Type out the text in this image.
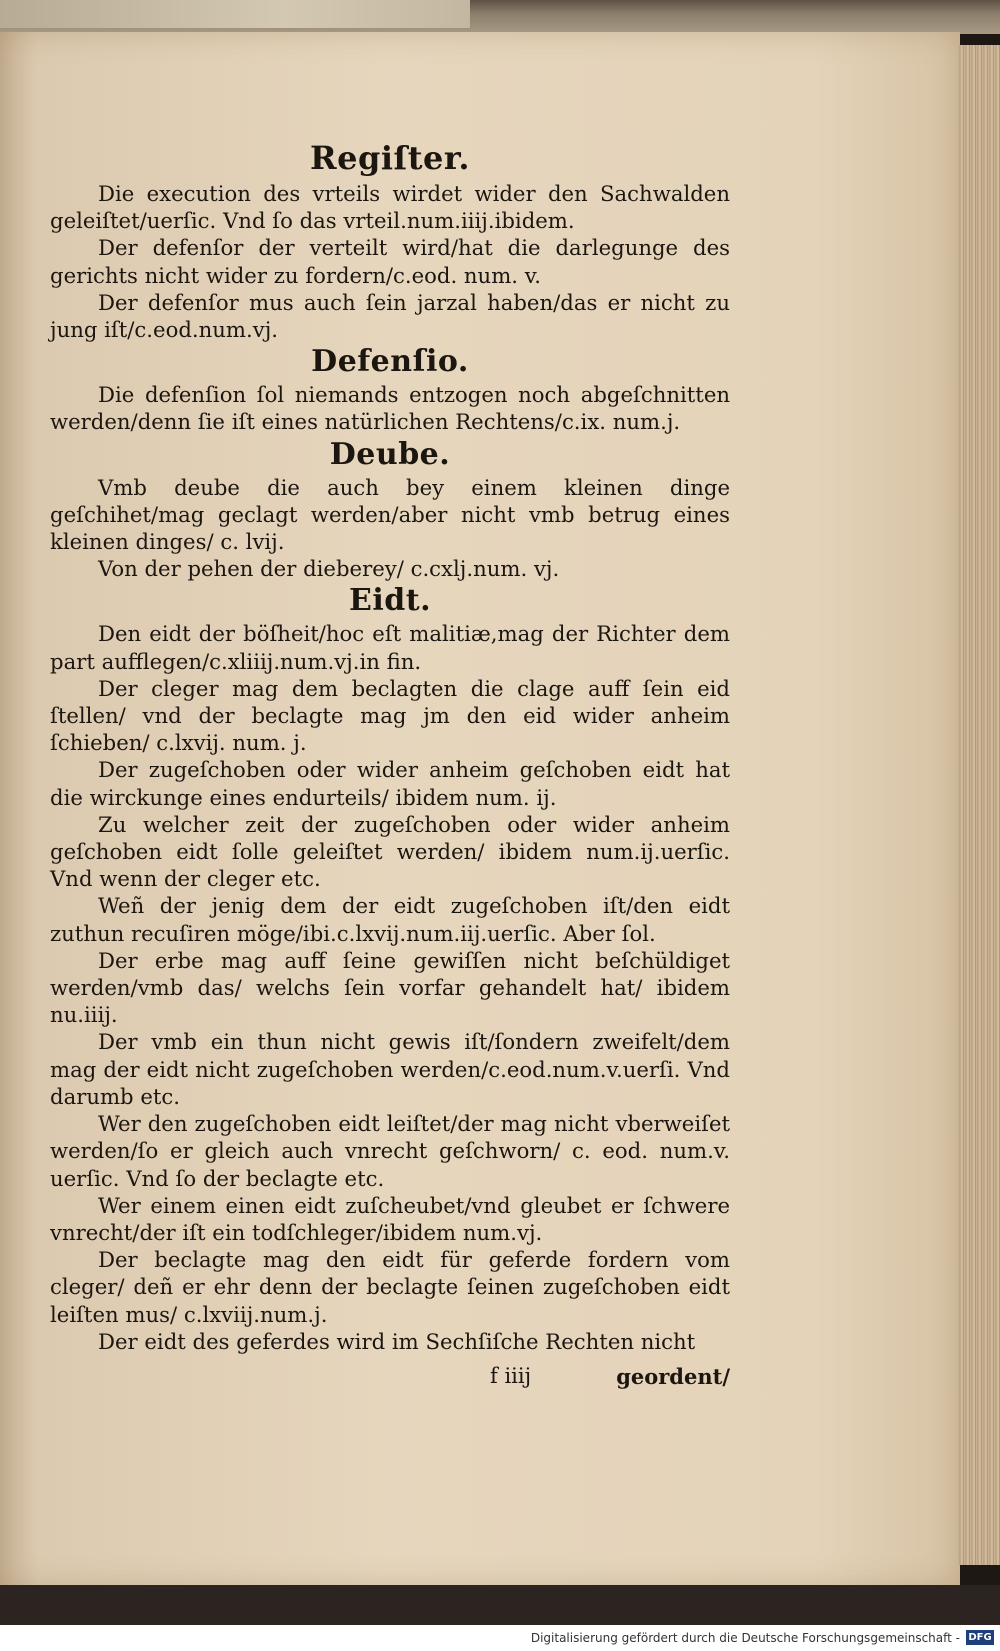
Regiſter.

Die execution des vrteils wirdet wider den Sachwalden geleiſtet/uerſic. Vnd ſo das vrteil.num.iiij.ibidem.

Der defenſor der verteilt wird/hat die darlegunge des gerichts nicht wider zu fordern/c.eod. num. v.

Der defenſor mus auch ſein jarzal haben/das er nicht zu jung iſt/c.eod.num.vj.

Defenſio.

Die defenſion ſol niemands entzogen noch abgeſchnitten werden/denn ſie iſt eines natürlichen Rechtens/c.ix. num.j.

Deube.

Vmb deube die auch bey einem kleinen dinge geſchihet/mag geclagt werden/aber nicht vmb betrug eines kleinen dinges/ c. lvij.

Von der pehen der dieberey/ c.cxlj.num. vj.

Eidt.

Den eidt der böſheit/hoc eſt malitiæ,mag der Richter dem part aufflegen/c.xliiij.num.vj.in fin.

Der cleger mag dem beclagten die clage auff ſein eid ſtellen/ vnd der beclagte mag jm den eid wider anheim ſchieben/ c.lxvij. num. j.

Der zugeſchoben oder wider anheim geſchoben eidt hat die wirckunge eines endurteils/ ibidem num. ij.

Zu welcher zeit der zugeſchoben oder wider anheim geſchoben eidt ſolle geleiſtet werden/ ibidem num.ij.uerſic. Vnd wenn der cleger etc.

Weñ der jenig dem der eidt zugeſchoben iſt/den eidt zuthun recuſiren möge/ibi.c.lxvij.num.iij.uerſic. Aber ſol.

Der erbe mag auff ſeine gewiſſen nicht beſchüldiget werden/vmb das/ welchs ſein vorfar gehandelt hat/ ibidem nu.iiij.

Der vmb ein thun nicht gewis iſt/ſondern zweifelt/dem mag der eidt nicht zugeſchoben werden/c.eod.num.v.uerſi. Vnd darumb etc.

Wer den zugeſchoben eidt leiſtet/der mag nicht vberweiſet werden/ſo er gleich auch vnrecht geſchworn/ c. eod. num.v. uerſic. Vnd ſo der beclagte etc.

Wer einem einen eidt zuſcheubet/vnd gleubet er ſchwere vnrecht/der iſt ein todſchleger/ibidem num.vj.

Der beclagte mag den eidt für geferde fordern vom cleger/ deñ er ehr denn der beclagte ſeinen zugeſchoben eidt leiſten mus/ c.lxviij.num.j.

Der eidt des geferdes wird im Sechſiſche Rechten nicht

f iiij	geordent/
Digitalisierung gefördert durch die Deutsche Forschungsgemeinschaft - DFG
